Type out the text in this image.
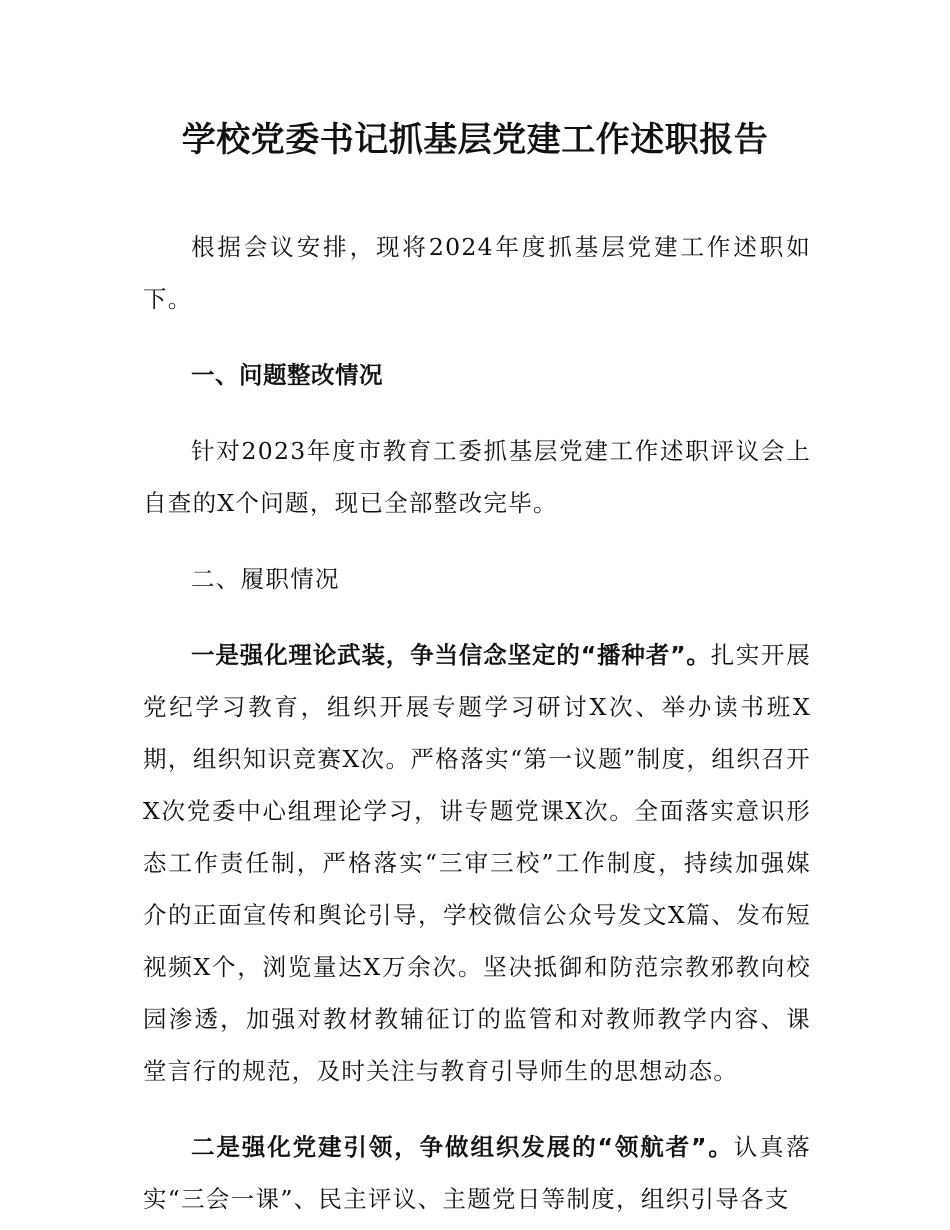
学校党委书记抓基层党建工作述职报告

根据会议安排，现将2024年度抓基层党建工作述职如下。

一、问题整改情况

针对2023年度市教育工委抓基层党建工作述职评议会上自查的X个问题，现已全部整改完毕。

二、履职情况

一是强化理论武装，争当信念坚定的“播种者”。扎实开展党纪学习教育，组织开展专题学习研讨X次、举办读书班X期，组织知识竞赛X次。严格落实“第一议题”制度，组织召开X次党委中心组理论学习，讲专题党课X次。全面落实意识形态工作责任制，严格落实“三审三校”工作制度，持续加强媒介的正面宣传和舆论引导，学校微信公众号发文X篇、发布短视频X个，浏览量达X万余次。坚决抵御和防范宗教邪教向校园渗透，加强对教材教辅征订的监管和对教师教学内容、课堂言行的规范，及时关注与教育引导师生的思想动态。

二是强化党建引领，争做组织发展的“领航者”。认真落实“三会一课”、民主评议、主题党日等制度，组织引导各支
